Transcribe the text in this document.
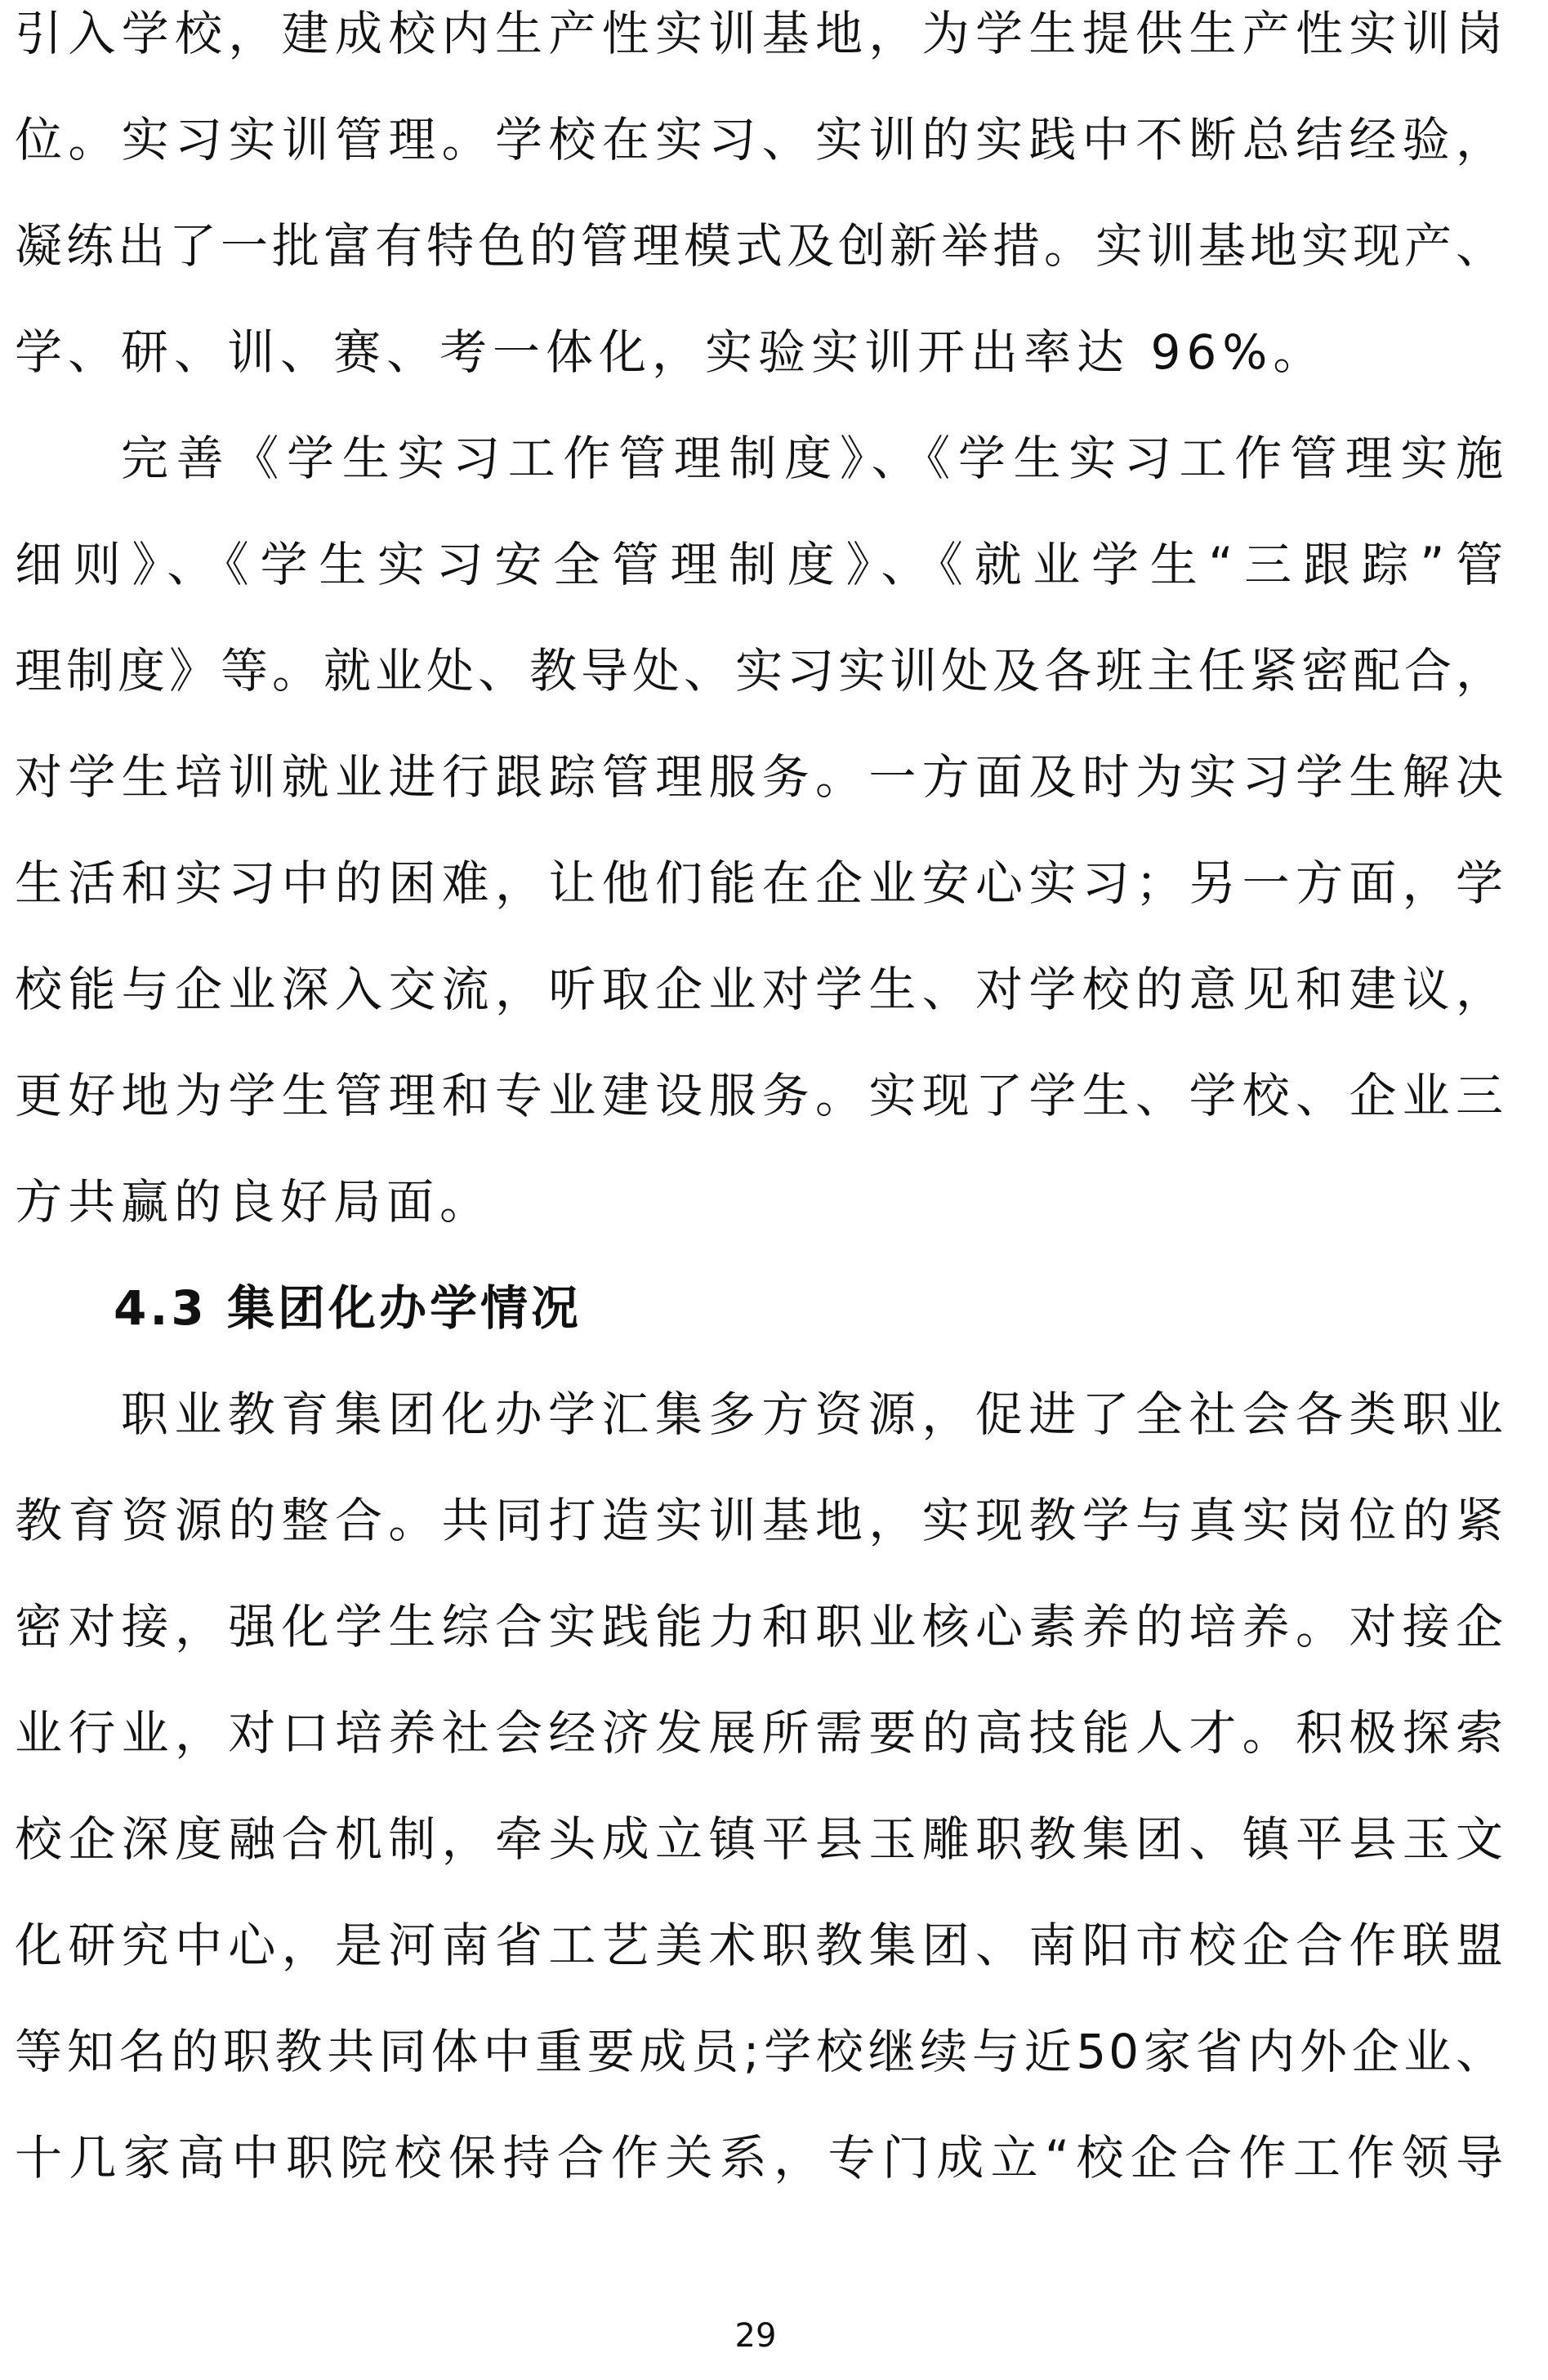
引入学校，建成校内生产性实训基地，为学生提供生产性实训岗
位。实习实训管理。学校在实习、实训的实践中不断总结经验，
凝练出了一批富有特色的管理模式及创新举措。实训基地实现产、
学、研、训、赛、考一体化，实验实训开出率达 96%。
完善《学生实习工作管理制度》、《学生实习工作管理实施
细则》、《学生实习安全管理制度》、《就业学生“三跟踪”管
理制度》等。就业处、教导处、实习实训处及各班主任紧密配合，
对学生培训就业进行跟踪管理服务。一方面及时为实习学生解决
生活和实习中的困难，让他们能在企业安心实习；另一方面，学
校能与企业深入交流，听取企业对学生、对学校的意见和建议，
更好地为学生管理和专业建设服务。实现了学生、学校、企业三
方共赢的良好局面。
4.3 集团化办学情况
职业教育集团化办学汇集多方资源，促进了全社会各类职业
教育资源的整合。共同打造实训基地，实现教学与真实岗位的紧
密对接，强化学生综合实践能力和职业核心素养的培养。对接企
业行业，对口培养社会经济发展所需要的高技能人才。积极探索
校企深度融合机制，牵头成立镇平县玉雕职教集团、镇平县玉文
化研究中心，是河南省工艺美术职教集团、南阳市校企合作联盟
等知名的职教共同体中重要成员;学校继续与近50家省内外企业、
十几家高中职院校保持合作关系，专门成立“校企合作工作领导
29
